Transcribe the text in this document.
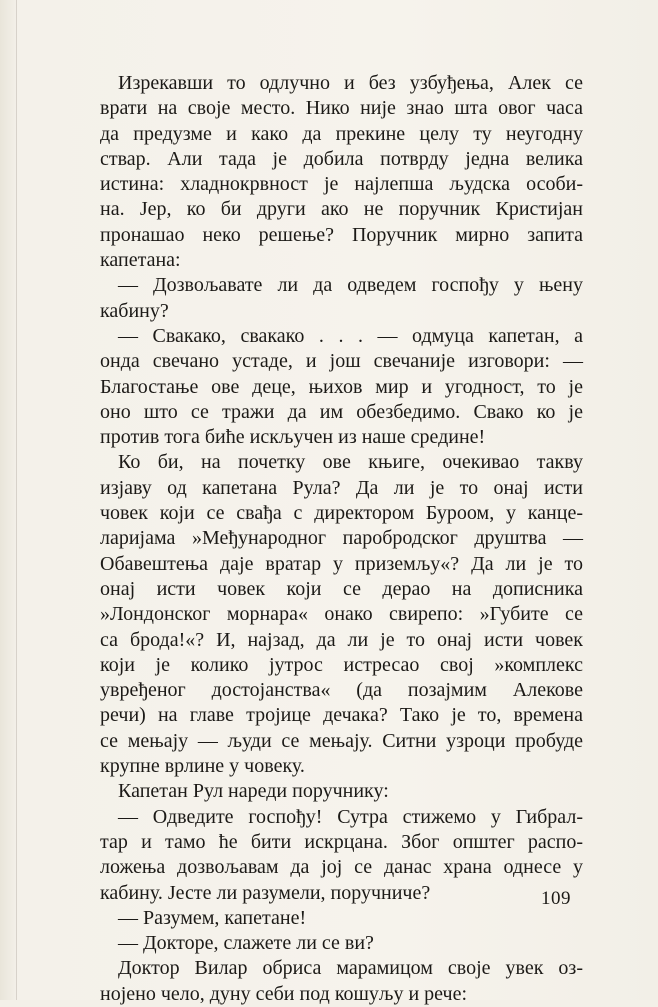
Изрекавши то одлучно и без узбуђења, Алек се
врати на своје место. Нико није знао шта овог часа
да предузме и како да прекине целу ту неугодну
ствар. Али тада је добила потврду једна велика
истина: хладнокрвност је најлепша људска особи-
на. Јер, ко би други ако не поручник Кристијан
пронашао неко решење? Поручник мирно запита
капетана:
— Дозвољавате ли да одведем госпођу у њену
кабину?
— Свакако, свакако . . . — одмуца капетан, а
онда свечано устаде, и још свечаније изговори: —
Благостање ове деце, њихов мир и угодност, то је
оно што се тражи да им обезбедимо. Свако ко је
против тога биће искључен из наше средине!
Ко би, на почетку ове књиге, очекивао такву
изјаву од капетана Рула? Да ли је то онај исти
човек који се свађа с директором Буроом, у канце-
ларијама »Међународног паробродског друштва —
Обавештења даје вратар у приземљу«? Да ли је то
онај исти човек који се дерао на дописника
»Лондонског морнара« онако свирепо: »Губите се
са брода!«? И, најзад, да ли је то онај исти човек
који је колико јутрос истресао свој »комплекс
увређеног достојанства« (да позајмим Алекове
речи) на главе тројице дечака? Тако је то, времена
се мењају — људи се мењају. Ситни узроци пробуде
крупне врлине у човеку.
Капетан Рул нареди поручнику:
— Одведите госпођу! Сутра стижемо у Гибрал-
тар и тамо ће бити искрцана. Због општег распо-
ложења дозвољавам да јој се данас храна однесе у
кабину. Јесте ли разумели, поручниче?
— Разумем, капетане!
— Докторе, слажете ли се ви?
Доктор Вилар обриса марамицом своје увек оз-
нојено чело, дуну себи под кошуљу и рече:
109
